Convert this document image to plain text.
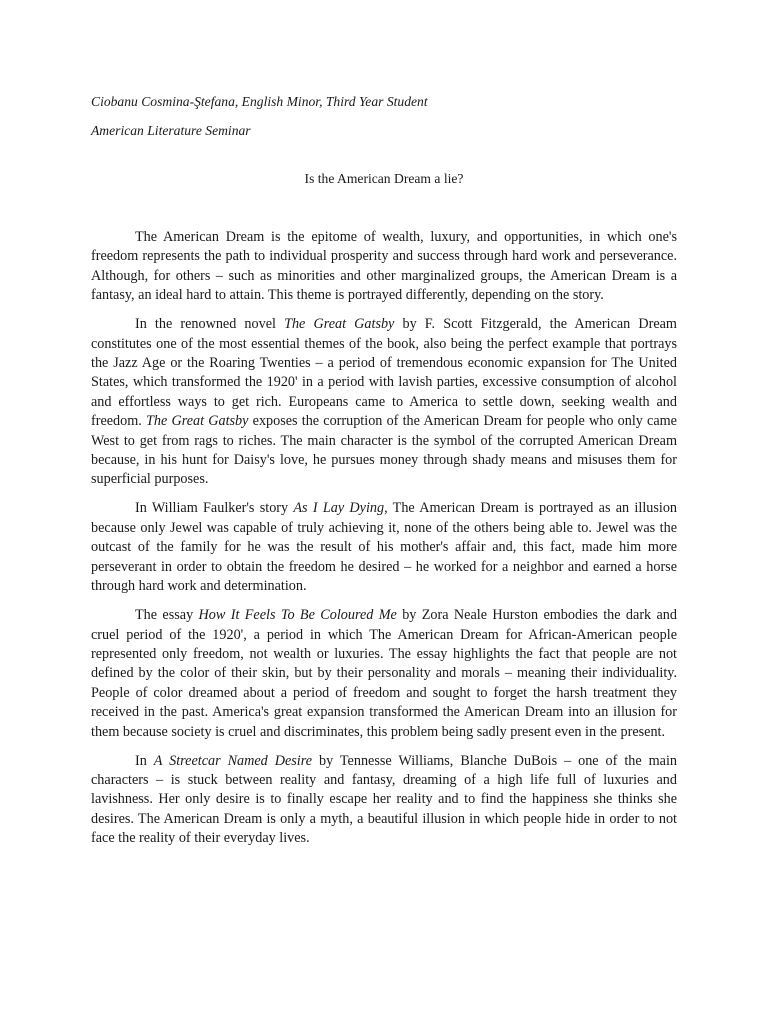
Ciobanu Cosmina-Ştefana, English Minor, Third Year Student

American Literature Seminar

Is the American Dream a lie?

The American Dream is the epitome of wealth, luxury, and opportunities, in which one's freedom represents the path to individual prosperity and success through hard work and perseverance. Although, for others – such as minorities and other marginalized groups, the American Dream is a fantasy, an ideal hard to attain. This theme is portrayed differently, depending on the story.

In the renowned novel The Great Gatsby by F. Scott Fitzgerald, the American Dream constitutes one of the most essential themes of the book, also being the perfect example that portrays the Jazz Age or the Roaring Twenties – a period of tremendous economic expansion for The United States, which transformed the 1920' in a period with lavish parties, excessive consumption of alcohol and effortless ways to get rich. Europeans came to America to settle down, seeking wealth and freedom. The Great Gatsby exposes the corruption of the American Dream for people who only came West to get from rags to riches. The main character is the symbol of the corrupted American Dream because, in his hunt for Daisy's love, he pursues money through shady means and misuses them for superficial purposes.

In William Faulker's story As I Lay Dying, The American Dream is portrayed as an illusion because only Jewel was capable of truly achieving it, none of the others being able to. Jewel was the outcast of the family for he was the result of his mother's affair and, this fact, made him more perseverant in order to obtain the freedom he desired – he worked for a neighbor and earned a horse through hard work and determination.

The essay How It Feels To Be Coloured Me by Zora Neale Hurston embodies the dark and cruel period of the 1920', a period in which The American Dream for African-American people represented only freedom, not wealth or luxuries. The essay highlights the fact that people are not defined by the color of their skin, but by their personality and morals – meaning their individuality. People of color dreamed about a period of freedom and sought to forget the harsh treatment they received in the past. America's great expansion transformed the American Dream into an illusion for them because society is cruel and discriminates, this problem being sadly present even in the present.

In A Streetcar Named Desire by Tennesse Williams, Blanche DuBois – one of the main characters – is stuck between reality and fantasy, dreaming of a high life full of luxuries and lavishness. Her only desire is to finally escape her reality and to find the happiness she thinks she desires. The American Dream is only a myth, a beautiful illusion in which people hide in order to not face the reality of their everyday lives.
